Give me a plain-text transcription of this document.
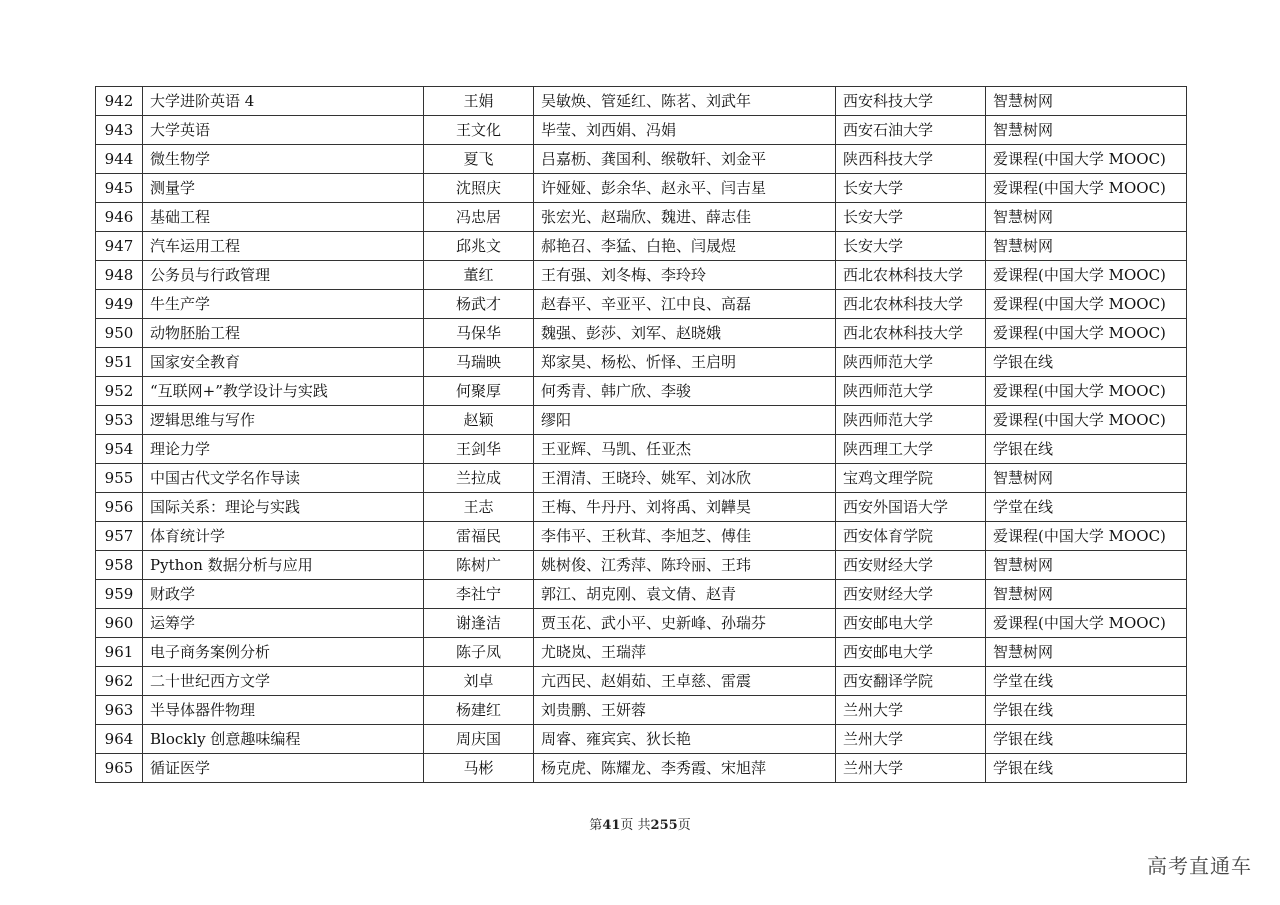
942	大学进阶英语 4	王娟	吴敏焕、管延红、陈茗、刘武年	西安科技大学	智慧树网
943	大学英语	王文化	毕莹、刘西娟、冯娟	西安石油大学	智慧树网
944	微生物学	夏飞	吕嘉枥、龚国利、缑敬轩、刘金平	陕西科技大学	爱课程(中国大学 MOOC)
945	测量学	沈照庆	许娅娅、彭余华、赵永平、闫吉星	长安大学	爱课程(中国大学 MOOC)
946	基础工程	冯忠居	张宏光、赵瑞欣、魏进、薛志佳	长安大学	智慧树网
947	汽车运用工程	邱兆文	郝艳召、李猛、白艳、闫晟煜	长安大学	智慧树网
948	公务员与行政管理	董红	王有强、刘冬梅、李玲玲	西北农林科技大学	爱课程(中国大学 MOOC)
949	牛生产学	杨武才	赵春平、辛亚平、江中良、高磊	西北农林科技大学	爱课程(中国大学 MOOC)
950	动物胚胎工程	马保华	魏强、彭莎、刘军、赵晓娥	西北农林科技大学	爱课程(中国大学 MOOC)
951	国家安全教育	马瑞映	郑家昊、杨松、忻怿、王启明	陕西师范大学	学银在线
952	“互联网+”教学设计与实践	何聚厚	何秀青、韩广欣、李骏	陕西师范大学	爱课程(中国大学 MOOC)
953	逻辑思维与写作	赵颖	缪阳	陕西师范大学	爱课程(中国大学 MOOC)
954	理论力学	王剑华	王亚辉、马凯、任亚杰	陕西理工大学	学银在线
955	中国古代文学名作导读	兰拉成	王渭清、王晓玲、姚军、刘冰欣	宝鸡文理学院	智慧树网
956	国际关系：理论与实践	王志	王梅、牛丹丹、刘将禹、刘韡昊	西安外国语大学	学堂在线
957	体育统计学	雷福民	李伟平、王秋茸、李旭芝、傅佳	西安体育学院	爱课程(中国大学 MOOC)
958	Python 数据分析与应用	陈树广	姚树俊、江秀萍、陈玲丽、王玮	西安财经大学	智慧树网
959	财政学	李社宁	郭江、胡克刚、袁文倩、赵青	西安财经大学	智慧树网
960	运筹学	谢逢洁	贾玉花、武小平、史新峰、孙瑞芬	西安邮电大学	爱课程(中国大学 MOOC)
961	电子商务案例分析	陈子凤	尤晓岚、王瑞萍	西安邮电大学	智慧树网
962	二十世纪西方文学	刘卓	亢西民、赵娟茹、王卓慈、雷震	西安翻译学院	学堂在线
963	半导体器件物理	杨建红	刘贵鹏、王妍蓉	兰州大学	学银在线
964	Blockly 创意趣味编程	周庆国	周睿、雍宾宾、狄长艳	兰州大学	学银在线
965	循证医学	马彬	杨克虎、陈耀龙、李秀霞、宋旭萍	兰州大学	学银在线
第41页 共255页
高考直通车
